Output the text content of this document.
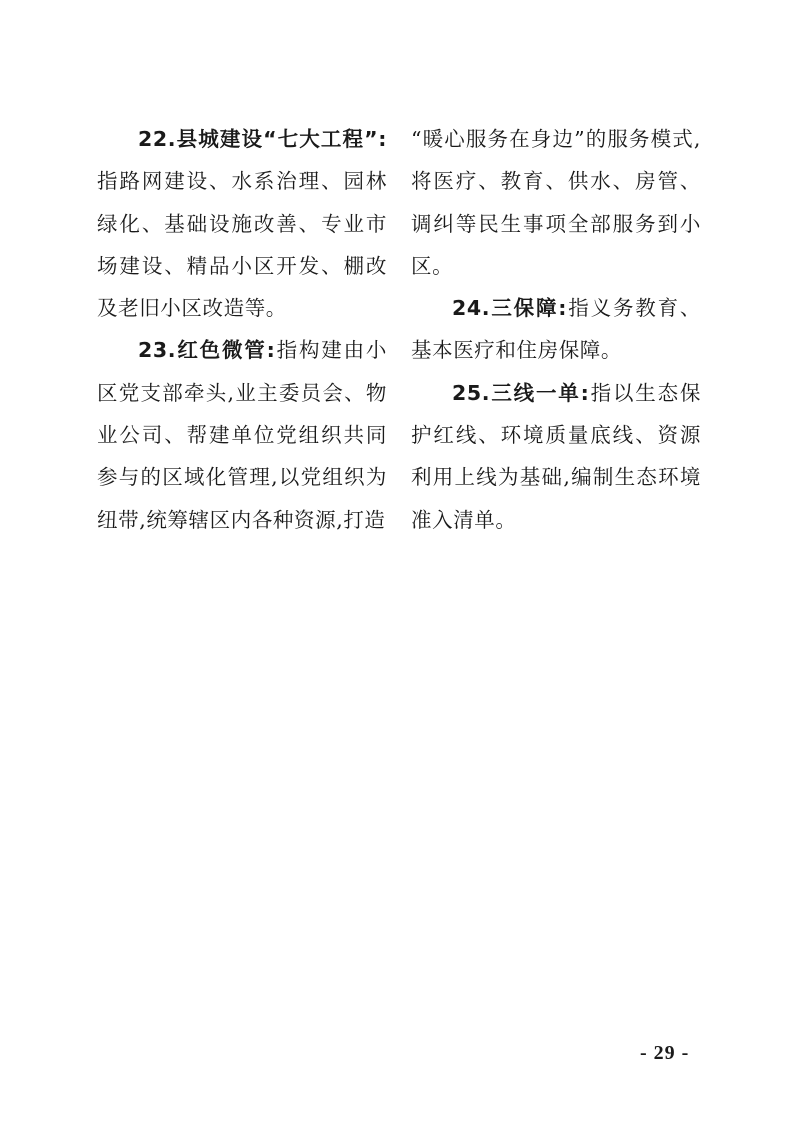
22.县城建设“七大工程”:指路网建设、水系治理、园林绿化、基础设施改善、专业市场建设、精品小区开发、棚改及老旧小区改造等。

23.红色微管:指构建由小区党支部牵头,业主委员会、物业公司、帮建单位党组织共同参与的区域化管理,以党组织为纽带,统筹辖区内各种资源,打造

“暖心服务在身边”的服务模式,将医疗、教育、供水、房管、调纠等民生事项全部服务到小区。

24.三保障:指义务教育、基本医疗和住房保障。

25.三线一单:指以生态保护红线、环境质量底线、资源利用上线为基础,编制生态环境准入清单。

- 29 -
